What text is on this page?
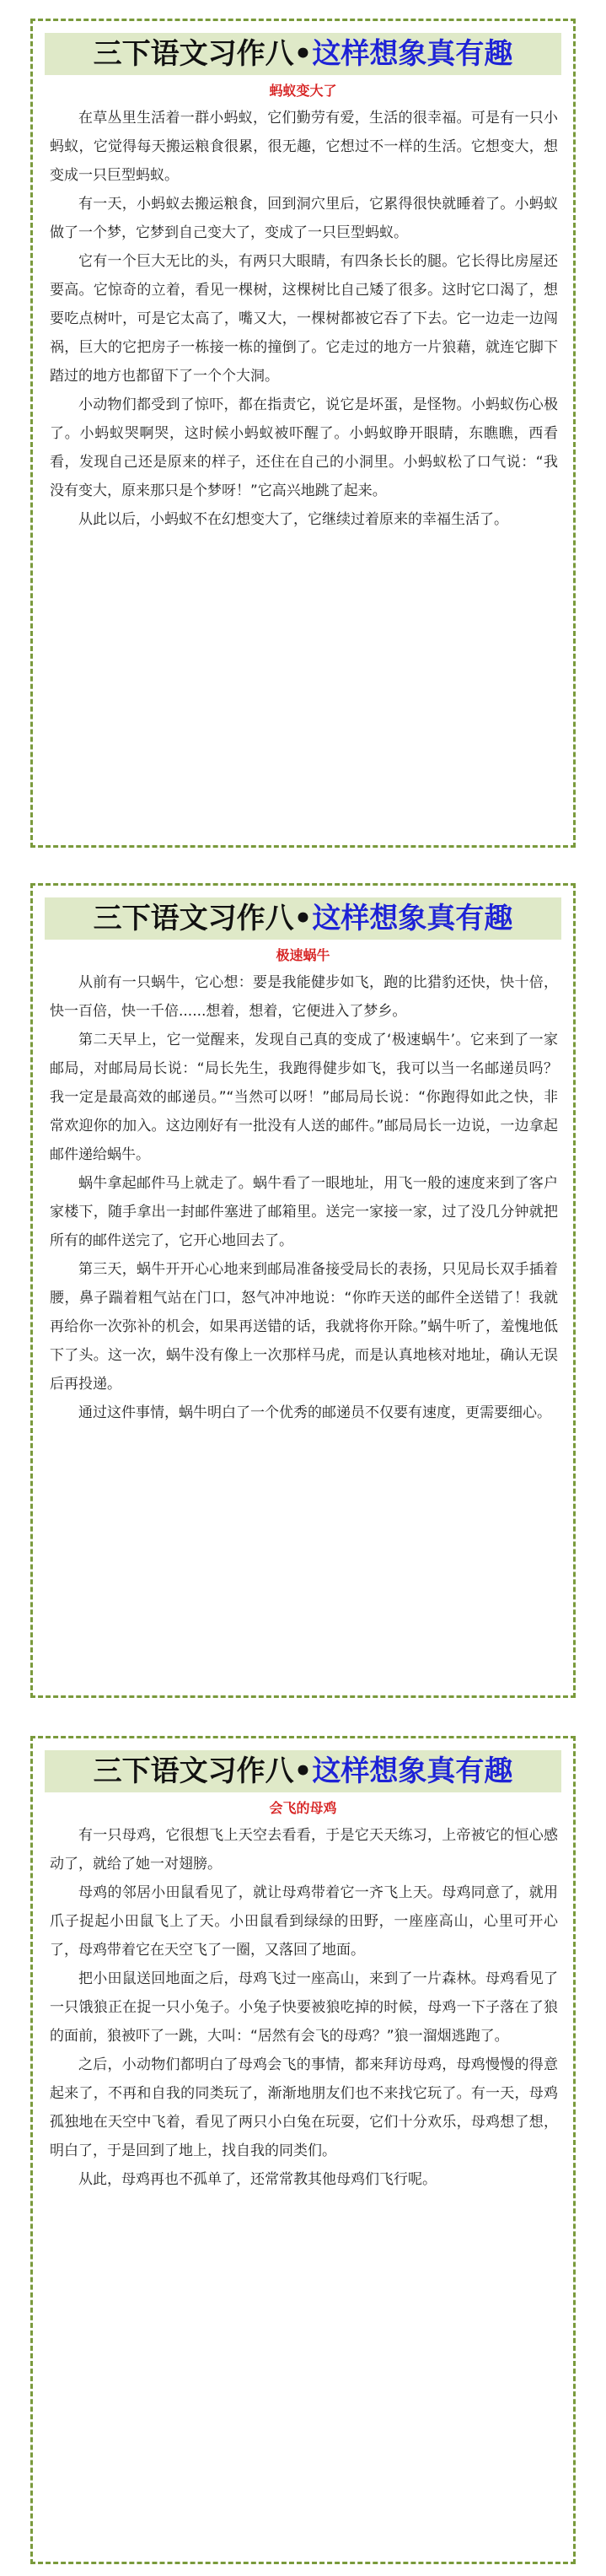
三下语文习作八• 这样想象真有趣
蚂蚁变大了

在草丛里生活着一群小蚂蚁，它们勤劳有爱，生活的很幸福。可是有一只小蚂蚁，它觉得每天搬运粮食很累，很无趣，它想过不一样的生活。它想变大，想变成一只巨型蚂蚁。

有一天，小蚂蚁去搬运粮食，回到洞穴里后，它累得很快就睡着了。小蚂蚁做了一个梦，它梦到自己变大了，变成了一只巨型蚂蚁。

它有一个巨大无比的头，有两只大眼睛，有四条长长的腿。它长得比房屋还要高。它惊奇的立着，看见一棵树，这棵树比自己矮了很多。这时它口渴了，想要吃点树叶，可是它太高了，嘴又大，一棵树都被它吞了下去。它一边走一边闯祸，巨大的它把房子一栋接一栋的撞倒了。它走过的地方一片狼藉，就连它脚下踏过的地方也都留下了一个个大洞。

小动物们都受到了惊吓，都在指责它，说它是坏蛋，是怪物。小蚂蚁伤心极了。小蚂蚁哭啊哭，这时候小蚂蚁被吓醒了。小蚂蚁睁开眼睛，东瞧瞧，西看看，发现自己还是原来的样子，还住在自己的小洞里。小蚂蚁松了口气说：“我没有变大，原来那只是个梦呀！”它高兴地跳了起来。

从此以后，小蚂蚁不在幻想变大了，它继续过着原来的幸福生活了。

三下语文习作八• 这样想象真有趣
极速蜗牛

从前有一只蜗牛，它心想：要是我能健步如飞，跑的比猎豹还快，快十倍，快一百倍，快一千倍......想着，想着，它便进入了梦乡。

第二天早上，它一觉醒来，发现自己真的变成了‘极速蜗牛’。它来到了一家邮局，对邮局局长说：“局长先生，我跑得健步如飞，我可以当一名邮递员吗？我一定是最高效的邮递员。”“当然可以呀！”邮局局长说：“你跑得如此之快，非常欢迎你的加入。这边刚好有一批没有人送的邮件。”邮局局长一边说，一边拿起邮件递给蜗牛。

蜗牛拿起邮件马上就走了。蜗牛看了一眼地址，用飞一般的速度来到了客户家楼下，随手拿出一封邮件塞进了邮箱里。送完一家接一家，过了没几分钟就把所有的邮件送完了，它开心地回去了。

第三天，蜗牛开开心心地来到邮局准备接受局长的表扬，只见局长双手插着腰，鼻子踹着粗气站在门口，怒气冲冲地说：“你昨天送的邮件全送错了！我就再给你一次弥补的机会，如果再送错的话，我就将你开除。”蜗牛听了，羞愧地低下了头。这一次，蜗牛没有像上一次那样马虎，而是认真地核对地址，确认无误后再投递。

通过这件事情，蜗牛明白了一个优秀的邮递员不仅要有速度，更需要细心。

三下语文习作八• 这样想象真有趣
会飞的母鸡

有一只母鸡，它很想飞上天空去看看，于是它天天练习，上帝被它的恒心感动了，就给了她一对翅膀。

母鸡的邻居小田鼠看见了，就让母鸡带着它一齐飞上天。母鸡同意了，就用爪子捉起小田鼠飞上了天。小田鼠看到绿绿的田野，一座座高山，心里可开心了，母鸡带着它在天空飞了一圈，又落回了地面。

把小田鼠送回地面之后，母鸡飞过一座高山，来到了一片森林。母鸡看见了一只饿狼正在捉一只小兔子。小兔子快要被狼吃掉的时候，母鸡一下子落在了狼的面前，狼被吓了一跳，大叫：“居然有会飞的母鸡？”狼一溜烟逃跑了。

之后，小动物们都明白了母鸡会飞的事情，都来拜访母鸡，母鸡慢慢的得意起来了，不再和自我的同类玩了，渐渐地朋友们也不来找它玩了。有一天，母鸡孤独地在天空中飞着，看见了两只小白兔在玩耍，它们十分欢乐，母鸡想了想，明白了，于是回到了地上，找自我的同类们。

从此，母鸡再也不孤单了，还常常教其他母鸡们飞行呢。
